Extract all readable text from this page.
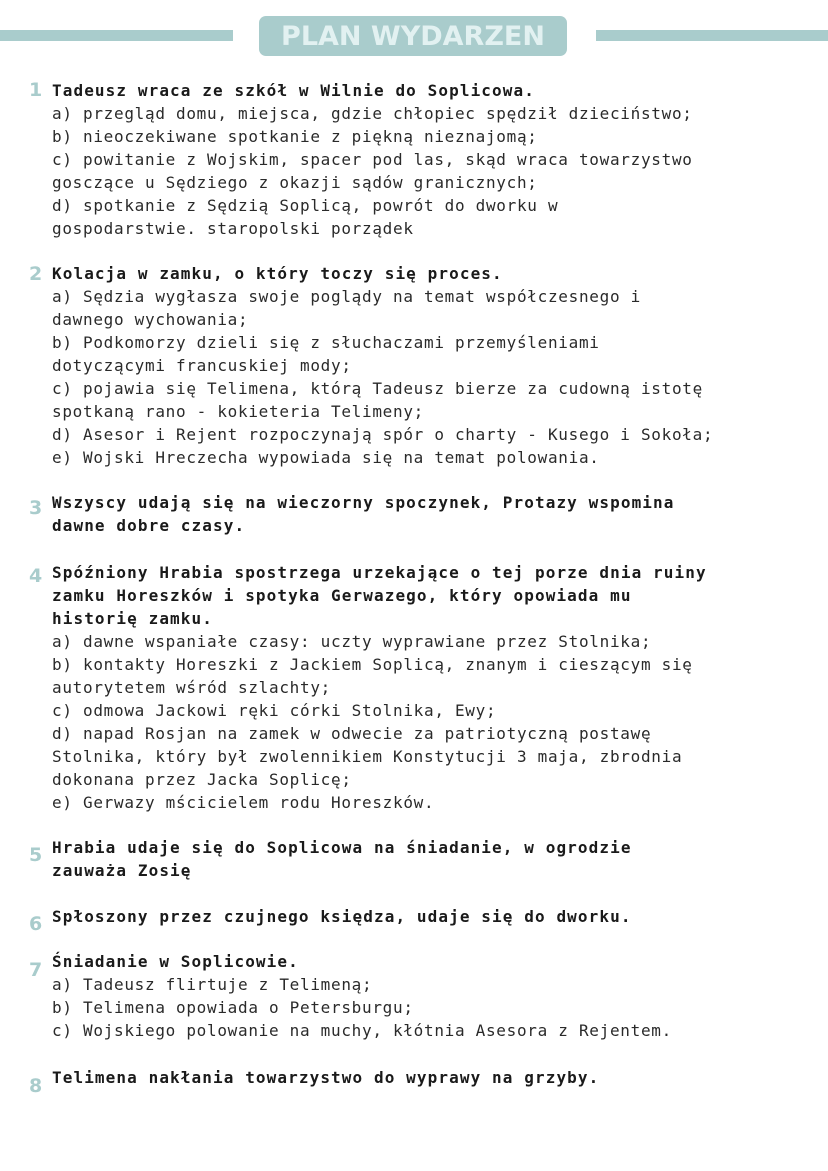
PLAN WYDARZEN
1 Tadeusz wraca ze szkół w Wilnie do Soplicowa.
a) przegląd domu, miejsca, gdzie chłopiec spędził dzieciństwo;
b) nieoczekiwane spotkanie z piękną nieznajomą;
c) powitanie z Wojskim, spacer pod las, skąd wraca towarzystwo
gosczące u Sędziego z okazji sądów granicznych;
d) spotkanie z Sędzią Soplicą, powrót do dworku w
gospodarstwie. staropolski porządek
2 Kolacja w zamku, o który toczy się proces.
a) Sędzia wygłasza swoje poglądy na temat współczesnego i
dawnego wychowania;
b) Podkomorzy dzieli się z słuchaczami przemyśleniami
dotyczącymi francuskiej mody;
c) pojawia się Telimena, którą Tadeusz bierze za cudowną istotę
spotkaną rano - kokieteria Telimeny;
d) Asesor i Rejent rozpoczynają spór o charty - Kusego i Sokoła;
e) Wojski Hreczecha wypowiada się na temat polowania.
3 Wszyscy udają się na wieczorny spoczynek, Protazy wspomina
dawne dobre czasy.
4 Spóźniony Hrabia spostrzega urzekające o tej porze dnia ruiny
zamku Horeszków i spotyka Gerwazego, który opowiada mu
historię zamku.
a) dawne wspaniałe czasy: uczty wyprawiane przez Stolnika;
b) kontakty Horeszki z Jackiem Soplicą, znanym i cieszącym się
autorytetem wśród szlachty;
c) odmowa Jackowi ręki córki Stolnika, Ewy;
d) napad Rosjan na zamek w odwecie za patriotyczną postawę
Stolnika, który był zwolennikiem Konstytucji 3 maja, zbrodnia
dokonana przez Jacka Soplicę;
e) Gerwazy mściciele​m rodu Horeszków.
5 Hrabia udaje się do Soplicowa na śniadanie, w ogrodzie
zauważa Zosię
6 Spłoszony przez czujnego księdza, udaje się do dworku.
7 Śniadanie w Soplicowie.
a) Tadeusz flirtuje z Telimeną;
b) Telimena opowiada o Petersburgu;
c) Wojskiego polowanie na muchy, kłótnia Asesora z Rejentem.
8 Telimena nakłania towarzystwo do wyprawy na grzyby.
